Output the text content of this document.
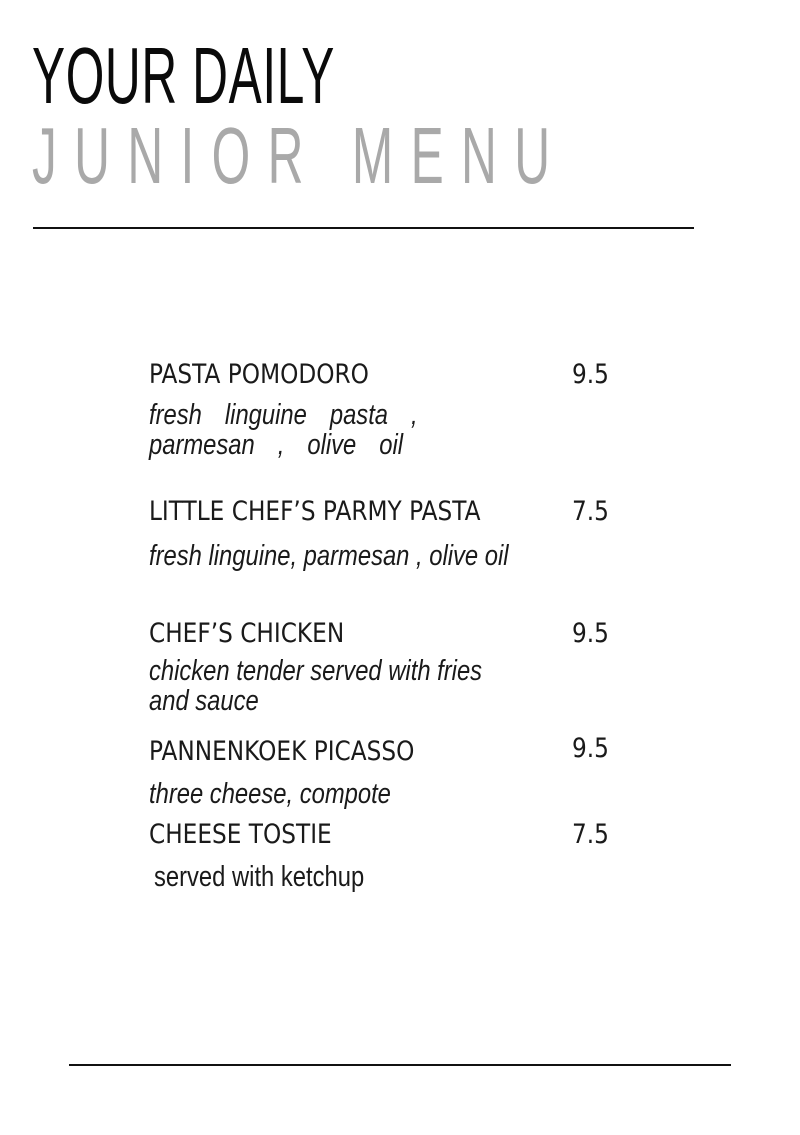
YOUR DAILY
JUNIOR MENU
PASTA POMODORO	9.5
fresh linguine pasta , parmesan , olive oil
LITTLE CHEF’S PARMY PASTA	7.5
fresh linguine, parmesan , olive oil
CHEF’S CHICKEN	9.5
chicken tender served with fries and sauce
PANNENKOEK PICASSO	9.5
three cheese, compote
CHEESE TOSTIE	7.5
served with ketchup
